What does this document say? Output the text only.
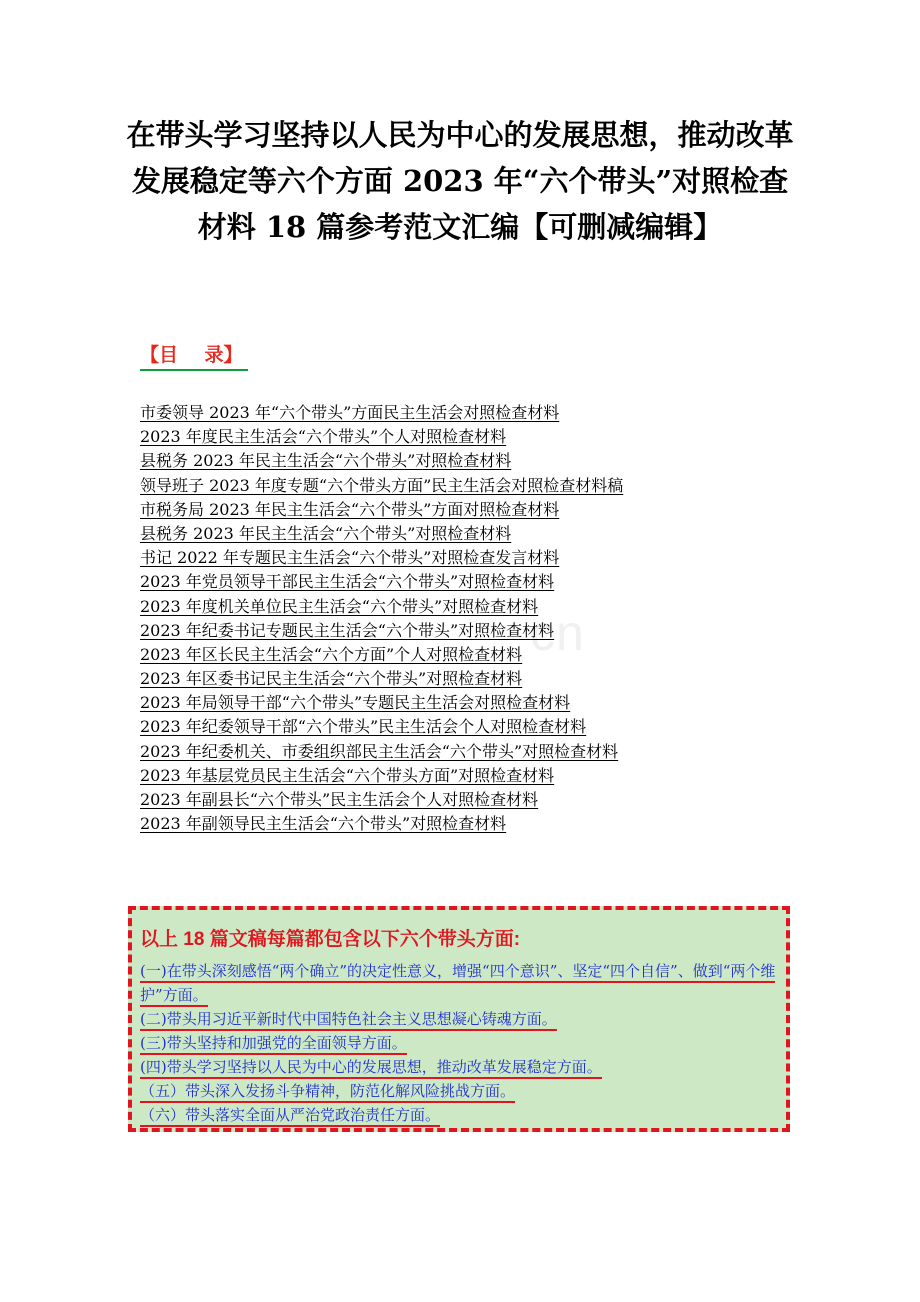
cn
在带头学习坚持以人民为中心的发展思想，推动改革
发展稳定等六个方面 2023 年“六个带头”对照检查
材料 18 篇参考范文汇编【可删减编辑】
【目    录】
市委领导 2023 年“六个带头”方面民主生活会对照检查材料
2023 年度民主生活会“六个带头”个人对照检查材料
县税务 2023 年民主生活会“六个带头”对照检查材料
领导班子 2023 年度专题“六个带头方面”民主生活会对照检查材料稿
市税务局 2023 年民主生活会“六个带头”方面对照检查材料
县税务 2023 年民主生活会“六个带头”对照检查材料
书记 2022 年专题民主生活会“六个带头”对照检查发言材料
2023 年党员领导干部民主生活会“六个带头”对照检查材料
2023 年度机关单位民主生活会“六个带头”对照检查材料
2023 年纪委书记专题民主生活会“六个带头”对照检查材料
2023 年区长民主生活会“六个方面”个人对照检查材料
2023 年区委书记民主生活会“六个带头”对照检查材料
2023 年局领导干部“六个带头”专题民主生活会对照检查材料
2023 年纪委领导干部“六个带头”民主生活会个人对照检查材料
2023 年纪委机关、市委组织部民主生活会“六个带头”对照检查材料
2023 年基层党员民主生活会“六个带头方面”对照检查材料
2023 年副县长“六个带头”民主生活会个人对照检查材料
2023 年副领导民主生活会“六个带头”对照检查材料
以上 18 篇文稿每篇都包含以下六个带头方面:
(一)在带头深刻感悟“两个确立”的决定性意义，增强“四个意识”、坚定“四个自信”、做到“两个维护”方面。
(二)带头用习近平新时代中国特色社会主义思想凝心铸魂方面。
(三)带头坚持和加强党的全面领导方面。
(四)带头学习坚持以人民为中心的发展思想，推动改革发展稳定方面。
（五）带头深入发扬斗争精神，防范化解风险挑战方面。
（六）带头落实全面从严治党政治责任方面。
